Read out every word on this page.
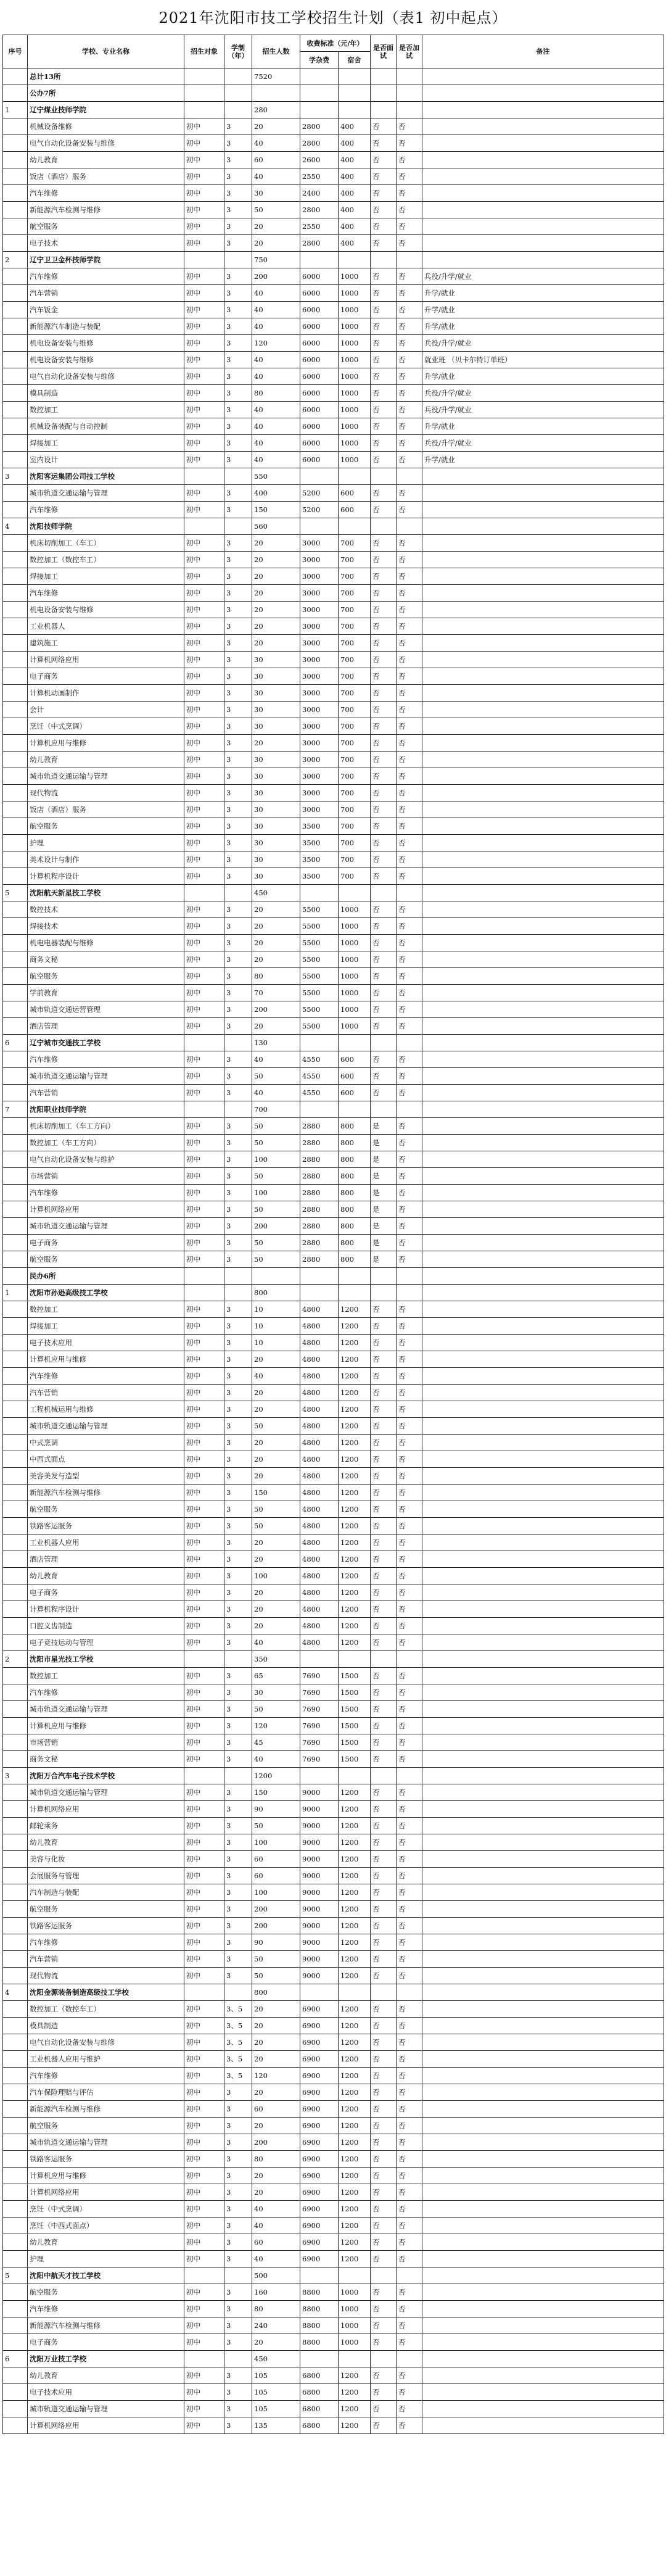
2021年沈阳市技工学校招生计划（表1 初中起点）
序号	学校、专业名称	招生对象	学制（年）	招生人数	收费标准（元/年）		是否面试	是否加试	备注
					学杂费	宿舍			
	总计13所			7520					
	公办7所								
1	辽宁煤业技师学院			280					
	机械设备维修	初中	3	20	2800	400	否	否	
	电气自动化设备安装与维修	初中	3	40	2800	400	否	否	
	幼儿教育	初中	3	60	2600	400	否	否	
	饭店（酒店）服务	初中	3	40	2550	400	否	否	
	汽车维修	初中	3	30	2400	400	否	否	
	新能源汽车检测与维修	初中	3	50	2800	400	否	否	
	航空服务	初中	3	20	2550	400	否	否	
	电子技术	初中	3	20	2800	400	否	否	
2	辽宁卫卫金杯技师学院			750					
	汽车维修	初中	3	200	6000	1000	否	否	兵役/升学/就业
	汽车营销	初中	3	40	6000	1000	否	否	升学/就业
	汽车钣金	初中	3	40	6000	1000	否	否	升学/就业
	新能源汽车制造与装配	初中	3	40	6000	1000	否	否	升学/就业
	机电设备安装与维修	初中	3	120	6000	1000	否	否	兵役/升学/就业
	机电设备安装与维修	初中	3	40	6000	1000	否	否	就业班 （贝卡尔特订单班）
	电气自动化设备安装与维修	初中	3	40	6000	1000	否	否	升学/就业
	模具制造	初中	3	80	6000	1000	否	否	兵役/升学/就业
	数控加工	初中	3	40	6000	1000	否	否	兵役/升学/就业
	机械设备装配与自动控制	初中	3	40	6000	1000	否	否	升学/就业
	焊接加工	初中	3	40	6000	1000	否	否	兵役/升学/就业
	室内设计	初中	3	40	6000	1000	否	否	升学/就业
3	沈阳客运集团公司技工学校			550					
	城市轨道交通运输与管理	初中	3	400	5200	600	否	否	
	汽车维修	初中	3	150	5200	600	否	否	
4	沈阳技师学院			560					
	机床切削加工（车工）	初中	3	20	3000	700	否	否	
	数控加工（数控车工）	初中	3	20	3000	700	否	否	
	焊接加工	初中	3	20	3000	700	否	否	
	汽车维修	初中	3	20	3000	700	否	否	
	机电设备安装与维修	初中	3	20	3000	700	否	否	
	工业机器人	初中	3	20	3000	700	否	否	
	建筑施工	初中	3	20	3000	700	否	否	
	计算机网络应用	初中	3	30	3000	700	否	否	
	电子商务	初中	3	30	3000	700	否	否	
	计算机动画制作	初中	3	30	3000	700	否	否	
	会计	初中	3	30	3000	700	否	否	
	烹饪（中式烹调）	初中	3	30	3000	700	否	否	
	计算机应用与维修	初中	3	20	3000	700	否	否	
	幼儿教育	初中	3	30	3000	700	否	否	
	城市轨道交通运输与管理	初中	3	30	3000	700	否	否	
	现代物流	初中	3	30	3000	700	否	否	
	饭店（酒店）服务	初中	3	30	3000	700	否	否	
	航空服务	初中	3	30	3500	700	否	否	
	护理	初中	3	30	3500	700	否	否	
	美术设计与制作	初中	3	30	3500	700	否	否	
	计算机程序设计	初中	3	30	3500	700	否	否	
5	沈阳航天新星技工学校			450					
	数控技术	初中	3	20	5500	1000	否	否	
	焊接技术	初中	3	20	5500	1000	否	否	
	机电电器装配与维修	初中	3	20	5500	1000	否	否	
	商务文秘	初中	3	20	5500	1000	否	否	
	航空服务	初中	3	80	5500	1000	否	否	
	学前教育	初中	3	70	5500	1000	否	否	
	城市轨道交通运营管理	初中	3	200	5500	1000	否	否	
	酒店管理	初中	3	20	5500	1000	否	否	
6	辽宁城市交通技工学校			130					
	汽车维修	初中	3	40	4550	600	否	否	
	城市轨道交通运输与管理	初中	3	50	4550	600	否	否	
	汽车营销	初中	3	40	4550	600	否	否	
7	沈阳职业技师学院			700					
	机床切削加工（车工方向）	初中	3	50	2880	800	是	否	
	数控加工（车工方向）	初中	3	50	2880	800	是	否	
	电气自动化设备安装与维护	初中	3	100	2880	800	是	否	
	市场营销	初中	3	50	2880	800	是	否	
	汽车维修	初中	3	100	2880	800	是	否	
	计算机网络应用	初中	3	50	2880	800	是	否	
	城市轨道交通运输与管理	初中	3	200	2880	800	是	否	
	电子商务	初中	3	50	2880	800	是	否	
	航空服务	初中	3	50	2880	800	是	否	
	民办6所								
1	沈阳市孙逊高级技工学校			800					
	数控加工	初中	3	10	4800	1200	否	否	
	焊接加工	初中	3	10	4800	1200	否	否	
	电子技术应用	初中	3	10	4800	1200	否	否	
	计算机应用与维修	初中	3	20	4800	1200	否	否	
	汽车维修	初中	3	40	4800	1200	否	否	
	汽车营销	初中	3	20	4800	1200	否	否	
	工程机械运用与维修	初中	3	20	4800	1200	否	否	
	城市轨道交通运输与管理	初中	3	50	4800	1200	否	否	
	中式烹调	初中	3	20	4800	1200	否	否	
	中西式面点	初中	3	20	4800	1200	否	否	
	美容美发与造型	初中	3	20	4800	1200	否	否	
	新能源汽车检测与维修	初中	3	150	4800	1200	否	否	
	航空服务	初中	3	50	4800	1200	否	否	
	铁路客运服务	初中	3	50	4800	1200	否	否	
	工业机器人应用	初中	3	20	4800	1200	否	否	
	酒店管理	初中	3	20	4800	1200	否	否	
	幼儿教育	初中	3	100	4800	1200	否	否	
	电子商务	初中	3	20	4800	1200	否	否	
	计算机程序设计	初中	3	20	4800	1200	否	否	
	口腔义齿制造	初中	3	20	4800	1200	否	否	
	电子竞技运动与管理	初中	3	40	4800	1200	否	否	
2	沈阳市星光技工学校			350					
	数控加工	初中	3	65	7690	1500	否	否	
	汽车维修	初中	3	30	7690	1500	否	否	
	城市轨道交通运输与管理	初中	3	50	7690	1500	否	否	
	计算机应用与维修	初中	3	120	7690	1500	否	否	
	市场营销	初中	3	45	7690	1500	否	否	
	商务文秘	初中	3	40	7690	1500	否	否	
3	沈阳万合汽车电子技术学校			1200					
	城市轨道交通运输与管理	初中	3	150	9000	1200	否	否	
	计算机网络应用	初中	3	90	9000	1200	否	否	
	邮轮乘务	初中	3	50	9000	1200	否	否	
	幼儿教育	初中	3	100	9000	1200	否	否	
	美容与化妆	初中	3	60	9000	1200	否	否	
	会展服务与管理	初中	3	60	9000	1200	否	否	
	汽车制造与装配	初中	3	100	9000	1200	否	否	
	航空服务	初中	3	200	9000	1200	否	否	
	铁路客运服务	初中	3	200	9000	1200	否	否	
	汽车维修	初中	3	90	9000	1200	否	否	
	汽车营销	初中	3	50	9000	1200	否	否	
	现代物流	初中	3	50	9000	1200	否	否	
4	沈阳金源装备制造高级技工学校			800					
	数控加工（数控车工）	初中	3、5	20	6900	1200	否	否	
	模具制造	初中	3、5	20	6900	1200	否	否	
	电气自动化设备安装与维修	初中	3、5	20	6900	1200	否	否	
	工业机器人应用与维护	初中	3、5	20	6900	1200	否	否	
	汽车维修	初中	3、5	120	6900	1200	否	否	
	汽车保险理赔与评估	初中	3	20	6900	1200	否	否	
	新能源汽车检测与维修	初中	3	60	6900	1200	否	否	
	航空服务	初中	3	20	6900	1200	否	否	
	城市轨道交通运输与管理	初中	3	200	6900	1200	否	否	
	铁路客运服务	初中	3	80	6900	1200	否	否	
	计算机应用与维修	初中	3	20	6900	1200	否	否	
	计算机网络应用	初中	3	20	6900	1200	否	否	
	烹饪（中式烹调）	初中	3	40	6900	1200	否	否	
	烹饪（中西式面点）	初中	3	40	6900	1200	否	否	
	幼儿教育	初中	3	60	6900	1200	否	否	
	护理	初中	3	40	6900	1200	否	否	
5	沈阳中航天才技工学校			500					
	航空服务	初中	3	160	8800	1000	否	否	
	汽车维修	初中	3	80	8800	1000	否	否	
	新能源汽车检测与维修	初中	3	240	8800	1000	否	否	
	电子商务	初中	3	20	8800	1000	否	否	
6	沈阳万业技工学校			450					
	幼儿教育	初中	3	105	6800	1200	否	否	
	电子技术应用	初中	3	105	6800	1200	否	否	
	城市轨道交通运输与管理	初中	3	105	6800	1200	否	否	
	计算机网络应用	初中	3	135	6800	1200	否	否	
